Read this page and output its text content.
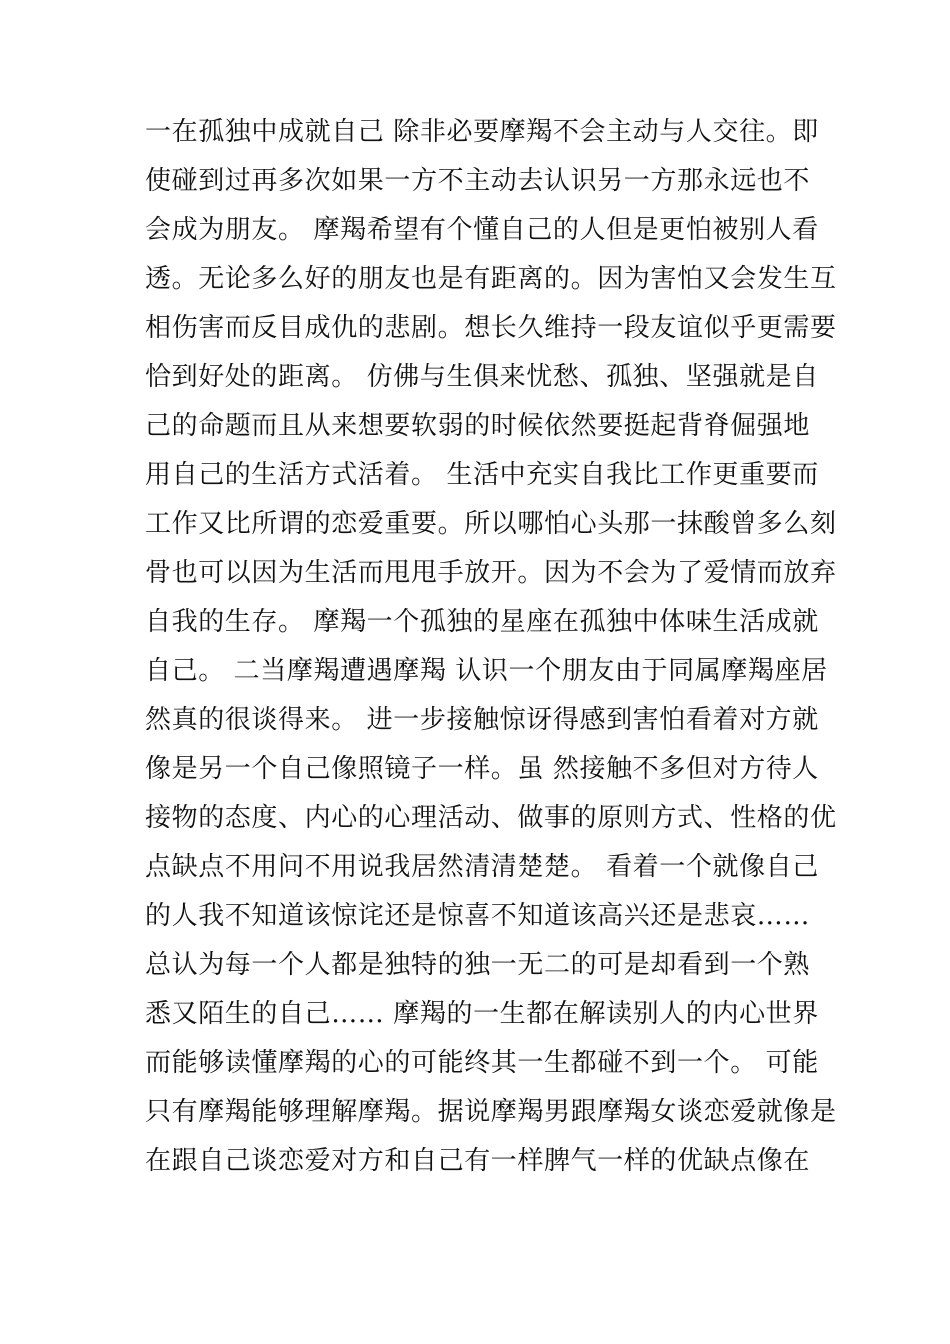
一在孤独中成就自己 除非必要摩羯不会主动与人交往。即
使碰到过再多次如果一方不主动去认识另一方那永远也不
会成为朋友。 摩羯希望有个懂自己的人但是更怕被别人看
透。无论多么好的朋友也是有距离的。因为害怕又会发生互
相伤害而反目成仇的悲剧。想长久维持一段友谊似乎更需要
恰到好处的距离。 仿佛与生俱来忧愁、孤独、坚强就是自
己的命题而且从来想要软弱的时候依然要挺起背脊倔强地
用自己的生活方式活着。 生活中充实自我比工作更重要而
工作又比所谓的恋爱重要。所以哪怕心头那一抹酸曾多么刻
骨也可以因为生活而甩甩手放开。因为不会为了爱情而放弃
自我的生存。 摩羯一个孤独的星座在孤独中体味生活成就
自己。 二当摩羯遭遇摩羯 认识一个朋友由于同属摩羯座居
然真的很谈得来。 进一步接触惊讶得感到害怕看着对方就
像是另一个自己像照镜子一样。虽 然接触不多但对方待人
接物的态度、内心的心理活动、做事的原则方式、性格的优
点缺点不用问不用说我居然清清楚楚。 看着一个就像自己
的人我不知道该惊诧还是惊喜不知道该高兴还是悲哀……
总认为每一个人都是独特的独一无二的可是却看到一个熟
悉又陌生的自己…… 摩羯的一生都在解读别人的内心世界
而能够读懂摩羯的心的可能终其一生都碰不到一个。 可能
只有摩羯能够理解摩羯。据说摩羯男跟摩羯女谈恋爱就像是
在跟自己谈恋爱对方和自己有一样脾气一样的优缺点像在
